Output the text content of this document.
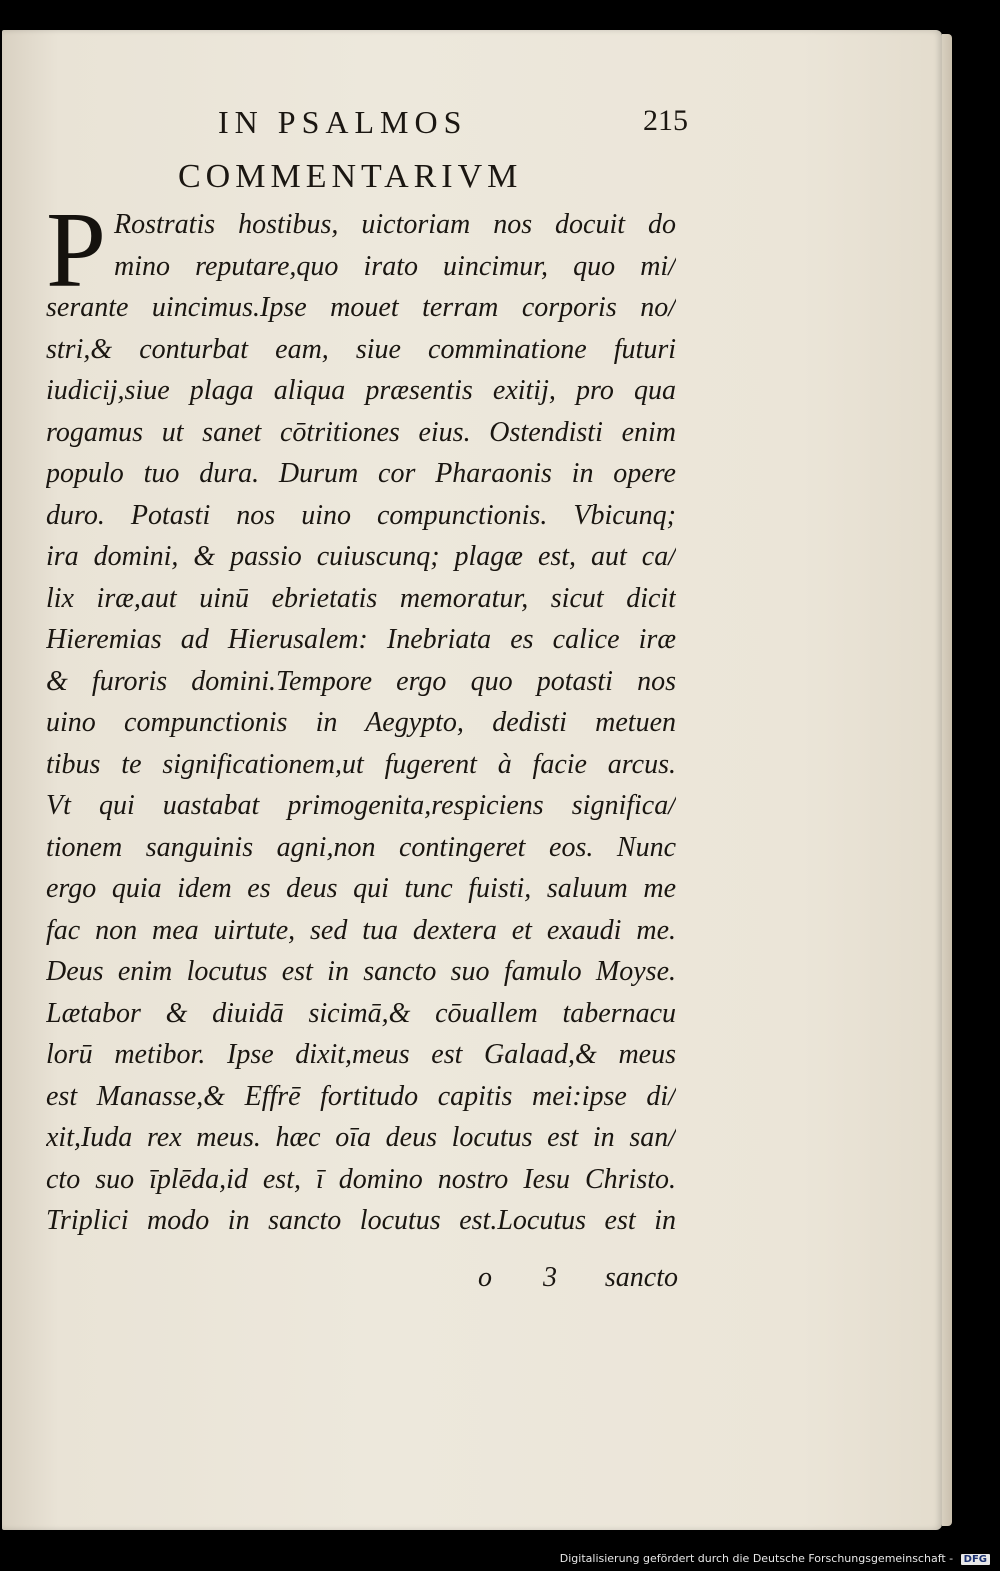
IN PSALMOS	215
COMMENTARIVM
P Rostratis hostibus, uictoriam nos docuit do
mino reputare,quo irato uincimur, quo mi/
serante uincimus.Ipse mouet terram corporis no/
stri,& conturbat eam, siue comminatione futuri
iudicij,siue plaga aliqua præsentis exitij, pro qua
rogamus ut sanet cōtritiones eius. Ostendisti enim
populo tuo dura. Durum cor Pharaonis in opere
duro. Potasti nos uino compunctionis. Vbicunq;
ira domini, & passio cuiuscunq; plagæ est, aut ca/
lix iræ,aut uinū ebrietatis memoratur, sicut dicit
Hieremias ad Hierusalem: Inebriata es calice iræ
& furoris domini.Tempore ergo quo potasti nos
uino compunctionis in Aegypto, dedisti metuen
tibus te significationem,ut fugerent à facie arcus.
Vt qui uastabat primogenita,respiciens significa/
tionem sanguinis agni,non contingeret eos. Nunc
ergo quia idem es deus qui tunc fuisti, saluum me
fac non mea uirtute, sed tua dextera et exaudi me.
Deus enim locutus est in sancto suo famulo Moyse.
Lætabor & diuidā sicimā,& cōuallem tabernacu
lorū metibor. Ipse dixit,meus est Galaad,& meus
est Manasse,& Effrē fortitudo capitis mei:ipse di/
xit,Iuda rex meus. hæc oīa deus locutus est in san/
cto suo īplēda,id est, ī domino nostro Iesu Christo.
Triplici modo in sancto locutus est.Locutus est in
o 3 sancto
Digitalisierung gefördert durch die Deutsche Forschungsgemeinschaft - DFG
